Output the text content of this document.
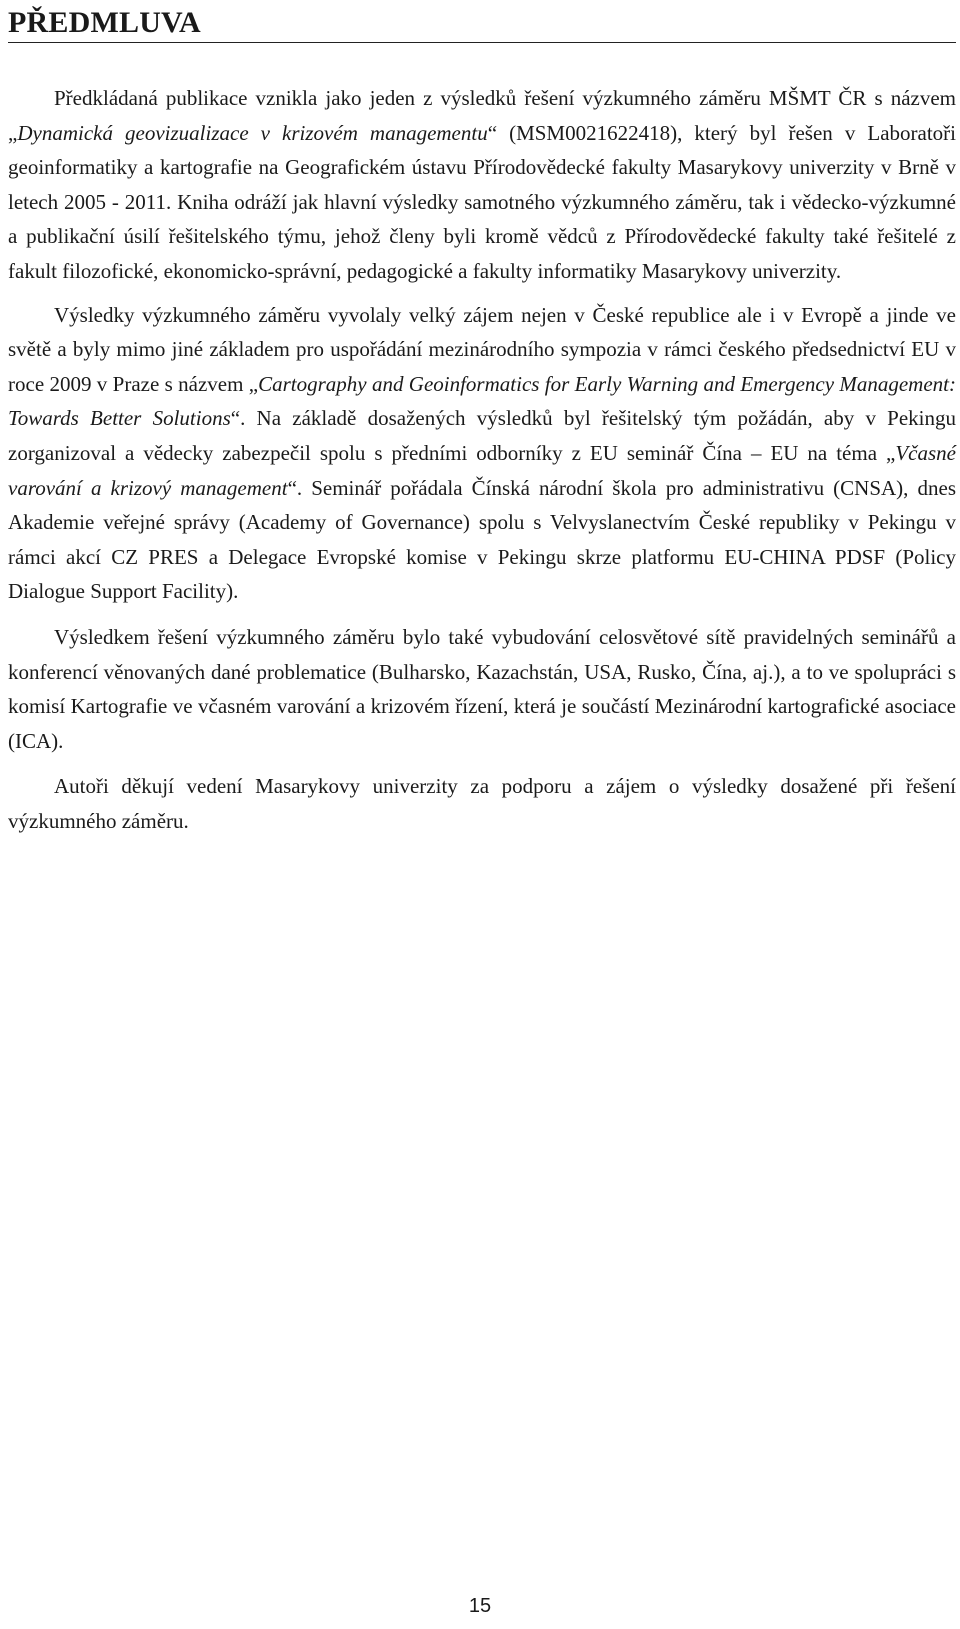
PŘEDMLUVA

Předkládaná publikace vznikla jako jeden z výsledků řešení výzkumného záměru MŠMT ČR s názvem „Dynamická geovizualizace v krizovém managementu“ (MSM0021622418), který byl řešen v Laboratoři geoinformatiky a kartografie na Geografickém ústavu Přírodovědecké fakulty Masarykovy univerzity v Brně v letech 2005 - 2011. Kniha odráží jak hlavní výsledky samotného výzkumného záměru, tak i vědecko-výzkumné a publikační úsilí řešitelského týmu, jehož členy byli kromě vědců z Přírodovědecké fakulty také řešitelé z fakult filozofické, ekonomicko-správní, pedagogické a fakulty informatiky Masarykovy univerzity.

Výsledky výzkumného záměru vyvolaly velký zájem nejen v České republice ale i v Evropě a jinde ve světě a byly mimo jiné základem pro uspořádání mezinárodního sympozia v rámci českého předsednictví EU v roce 2009 v Praze s názvem „Cartography and Geoinformatics for Early Warning and Emergency Management: Towards Better Solutions“. Na základě dosažených výsledků byl řešitelský tým požádán, aby v Pekingu zorganizoval a vědecky zabezpečil spolu s předními odborníky z EU seminář Čína – EU na téma „Včasné varování a krizový management“. Seminář pořádala Čínská národní škola pro administrativu (CNSA), dnes Akademie veřejné správy (Academy of Governance) spolu s Velvyslanectvím České republiky v Pekingu v rámci akcí CZ PRES a Delegace Evropské komise v Pekingu skrze platformu EU-CHINA PDSF (Policy Dialogue Support Facility).

Výsledkem řešení výzkumného záměru bylo také vybudování celosvětové sítě pravidelných seminářů a konferencí věnovaných dané problematice (Bulharsko, Kazachstán, USA, Rusko, Čína, aj.), a to ve spolupráci s komisí Kartografie ve včasném varování a krizovém řízení, která je součástí Mezinárodní kartografické asociace (ICA).

Autoři děkují vedení Masarykovy univerzity za podporu a zájem o výsledky dosažené při řešení výzkumného záměru.

15
